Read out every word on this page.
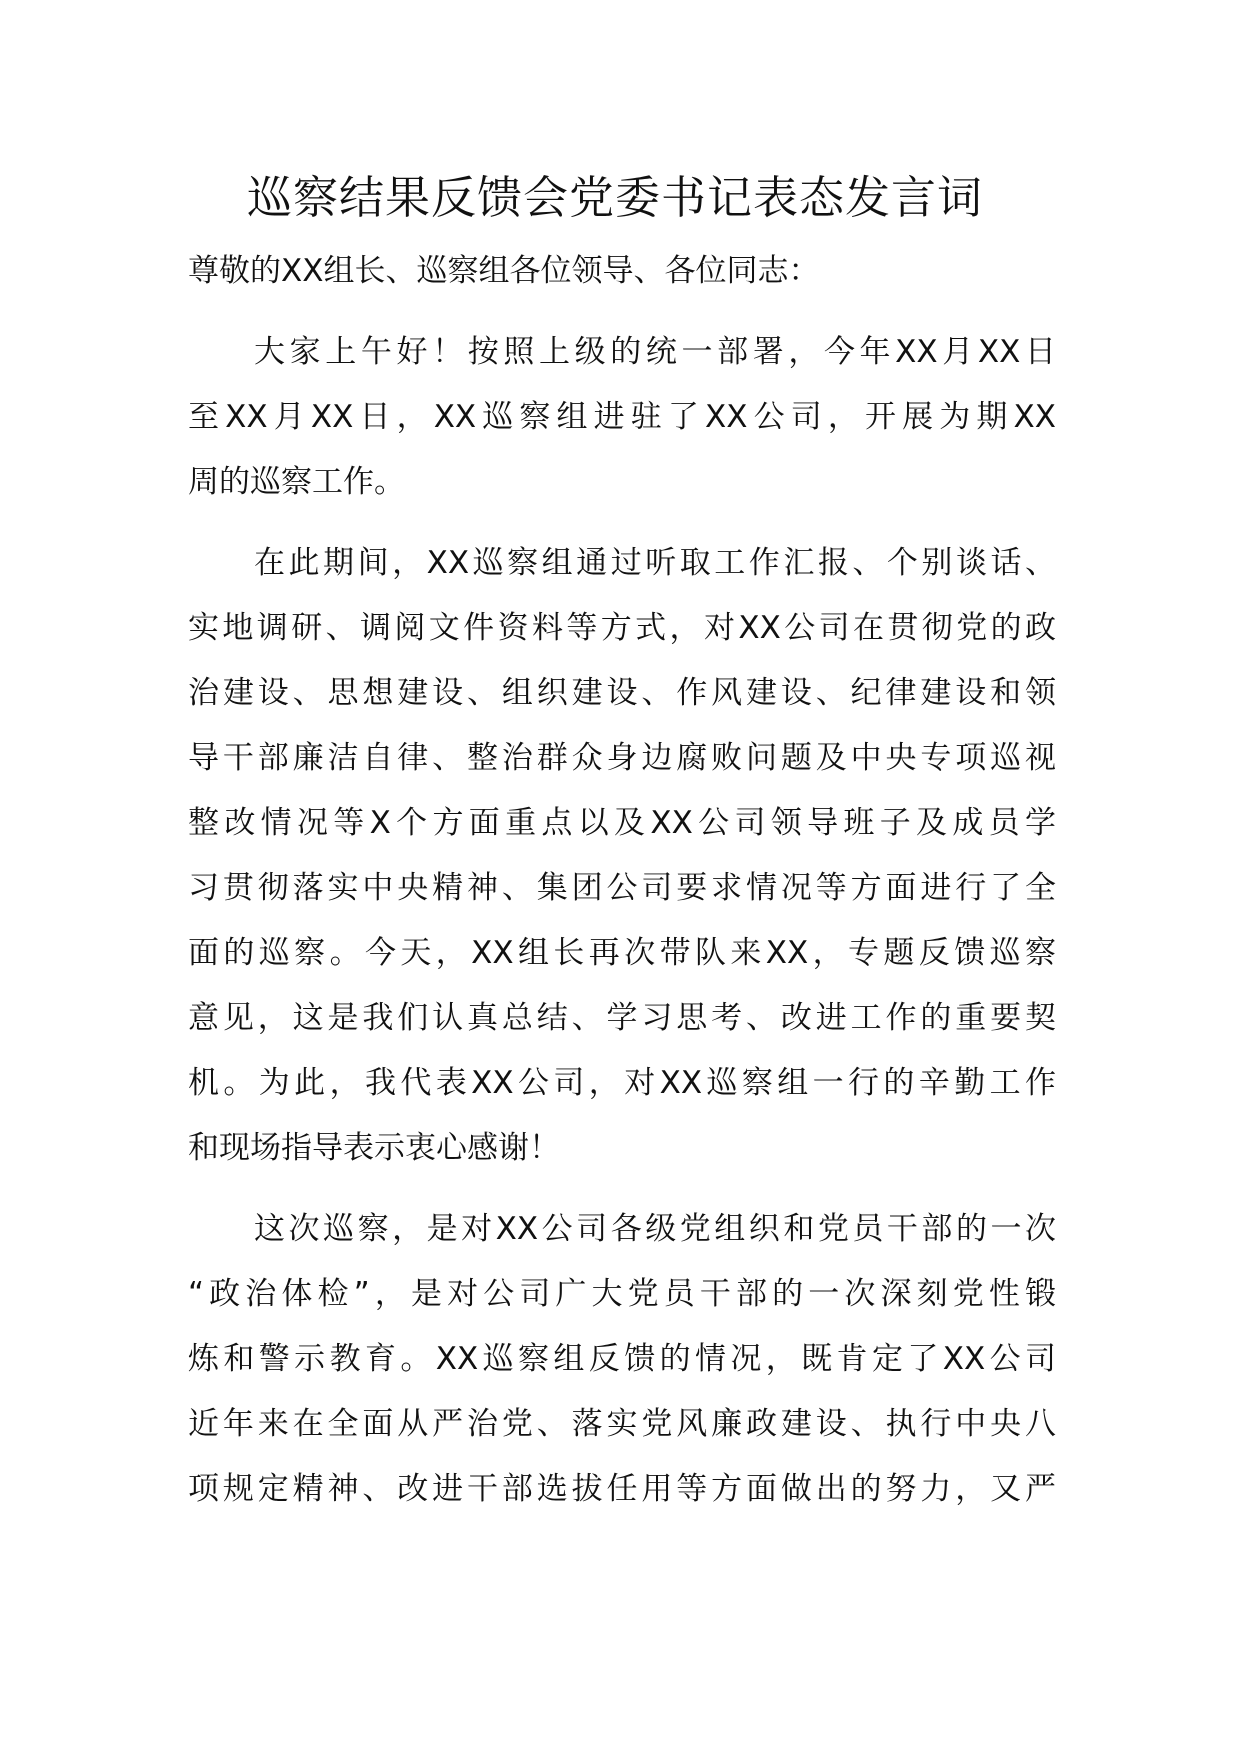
巡察结果反馈会党委书记表态发言词

尊敬的XX组长、巡察组各位领导、各位同志：

大家上午好！按照上级的统一部署，今年XX月XX日
至XX月XX日，XX巡察组进驻了XX公司，开展为期XX
周的巡察工作。

在此期间，XX巡察组通过听取工作汇报、个别谈话、
实地调研、调阅文件资料等方式，对XX公司在贯彻党的政
治建设、思想建设、组织建设、作风建设、纪律建设和领
导干部廉洁自律、整治群众身边腐败问题及中央专项巡视
整改情况等X个方面重点以及XX公司领导班子及成员学
习贯彻落实中央精神、集团公司要求情况等方面进行了全
面的巡察。今天，XX组长再次带队来XX，专题反馈巡察
意见，这是我们认真总结、学习思考、改进工作的重要契
机。为此，我代表XX公司，对XX巡察组一行的辛勤工作
和现场指导表示衷心感谢！

这次巡察，是对XX公司各级党组织和党员干部的一次
“政治体检”，是对公司广大党员干部的一次深刻党性锻
炼和警示教育。XX巡察组反馈的情况，既肯定了XX公司
近年来在全面从严治党、落实党风廉政建设、执行中央八
项规定精神、改进干部选拔任用等方面做出的努力，又严
